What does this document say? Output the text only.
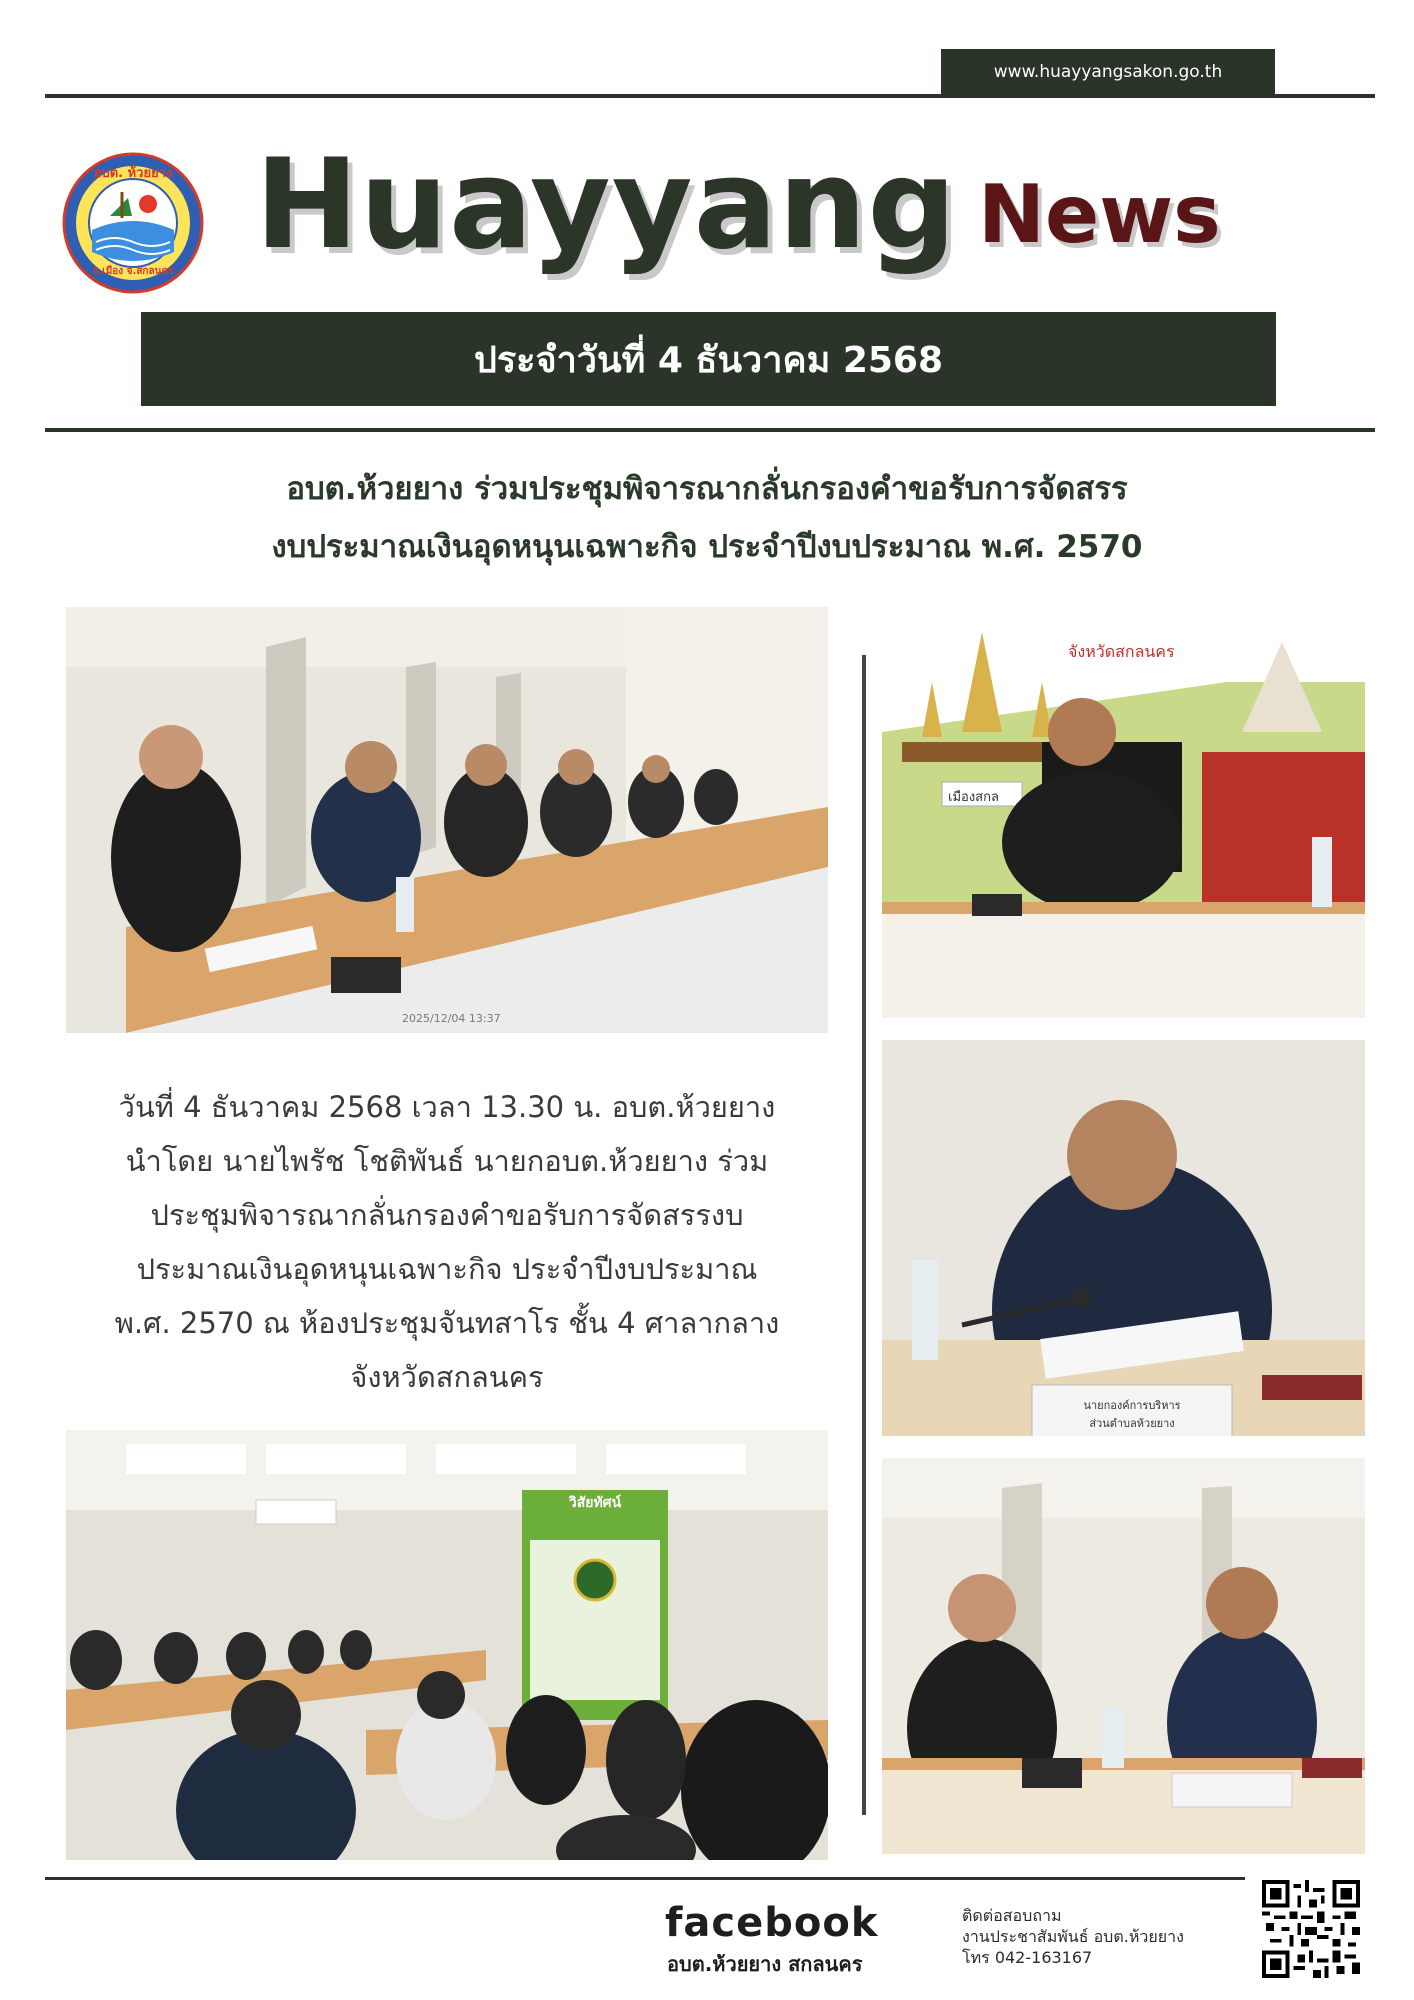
www.huayyangsakon.go.th
อบต. ห้วยยาง
อ.เมือง จ.สกลนคร Huayyang News
ประจำวันที่ 4 ธันวาคม 2568
อบต.ห้วยยาง ร่วมประชุมพิจารณากลั่นกรองคำขอรับการจัดสรร
งบประมาณเงินอุดหนุนเฉพาะกิจ ประจำปีงบประมาณ พ.ศ. 2570
2025/12/04 13:37
วันที่ 4 ธันวาคม 2568 เวลา 13.30 น. อบต.ห้วยยาง
นำโดย นายไพรัช โชติพันธ์ นายกอบต.ห้วยยาง ร่วม
ประชุมพิจารณากลั่นกรองคำขอรับการจัดสรรงบ
ประมาณเงินอุดหนุนเฉพาะกิจ ประจำปีงบประมาณ
พ.ศ. 2570 ณ ห้องประชุมจันทสาโร ชั้น 4 ศาลากลาง
จังหวัดสกลนคร
วิสัยทัศน์
จังหวัดสกลนคร
เมืองสกล
นายกองค์การบริหาร
ส่วนตำบลห้วยยาง
facebook
อบต.ห้วยยาง สกลนคร
ติดต่อสอบถาม
งานประชาสัมพันธ์ อบต.ห้วยยาง
โทร 042-163167
